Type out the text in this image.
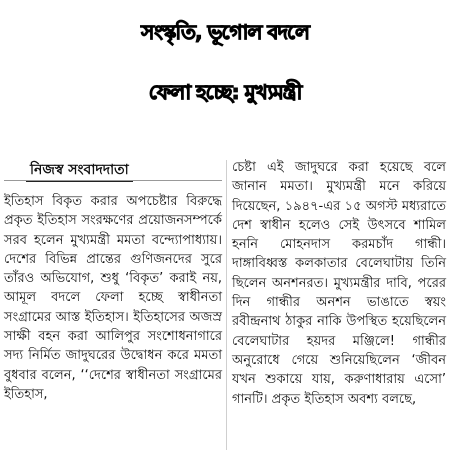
সংস্কৃতি, ভূগোল বদলে
ফেলা হচ্ছে: মুখ্যমন্ত্রী
নিজস্ব সংবাদদাতা

ইতিহাস বিকৃত করার অপচেষ্টার বিরুদ্ধে প্রকৃত ইতিহাস সংরক্ষণের প্রয়োজনসম্পর্কে সরব হলেন মুখ্যমন্ত্রী মমতা বন্দ্যোপাধ্যায়। দেশের বিভিন্ন প্রান্তের গুণিজনদের সুরে তাঁরও অভিযোগ, শুধু ‘বিকৃত’ করাই নয়, আমূল বদলে ফেলা হচ্ছে স্বাধীনতা সংগ্রামের আস্ত ইতিহাস। ইতিহাসের অজস্র সাক্ষী বহন করা আলিপুর সংশোধনাগারে সদ্য নির্মিত জাদুঘরের উদ্বোধন করে মমতা বুধবার বলেন, ‘‘দেশের স্বাধীনতা সংগ্রামের ইতিহাস,

চেষ্টা এই জাদুঘরে করা হয়েছে বলে জানান মমতা। মুখ্যমন্ত্রী মনে করিয়ে দিয়েছেন, ১৯৪৭-এর ১৫ অগস্ট মধ্যরাতে দেশ স্বাধীন হলেও সেই উৎসবে শামিল হননি মোহনদাস করমচাঁদ গান্ধী। দাঙ্গাবিধ্বস্ত কলকাতার বেলেঘাটায় তিনি ছিলেন অনশনরত। মুখ্যমন্ত্রীর দাবি, পরের দিন গান্ধীর অনশন ভাঙাতে স্বয়ং রবীন্দ্রনাথ ঠাকুর নাকি উপস্থিত হয়েছিলেন বেলেঘাটার হয়দর মঞ্জিলে! গান্ধীর অনুরোধে গেয়ে শুনিয়েছিলেন ‘জীবন যখন শুকায়ে যায়, করুণাধারায় এসো’ গানটি। প্রকৃত ইতিহাস অবশ্য বলছে,
